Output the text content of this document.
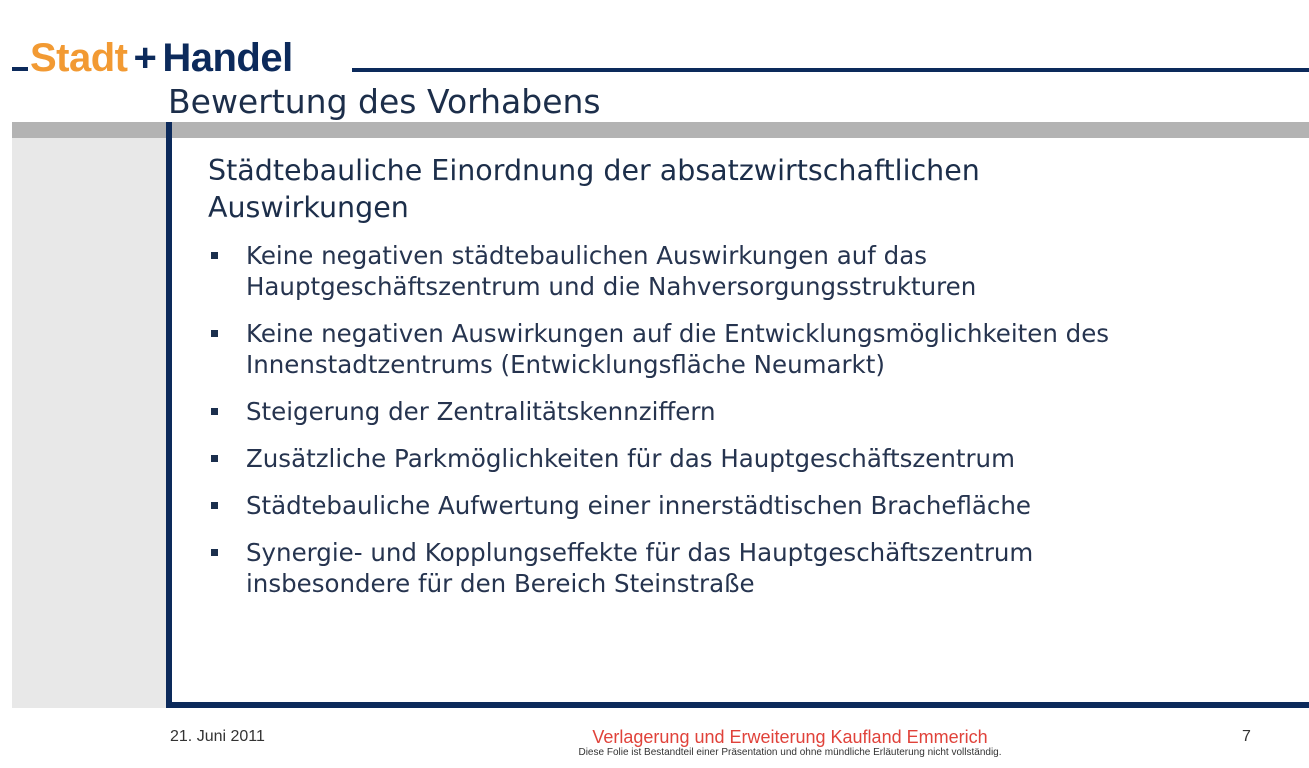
Stadt + Handel
Bewertung des Vorhabens
Städtebauliche Einordnung der absatzwirtschaftlichen
Auswirkungen
Keine negativen städtebaulichen Auswirkungen auf das
Hauptgeschäftszentrum und die Nahversorgungsstrukturen
Keine negativen Auswirkungen auf die Entwicklungsmöglichkeiten des
Innenstadtzentrums (Entwicklungsfläche Neumarkt)
Steigerung der Zentralitätskennziffern
Zusätzliche Parkmöglichkeiten für das Hauptgeschäftszentrum
Städtebauliche Aufwertung einer innerstädtischen Brachefläche
Synergie- und Kopplungseffekte für das Hauptgeschäftszentrum
insbesondere für den Bereich Steinstraße
21. Juni 2011	Verlagerung und Erweiterung Kaufland Emmerich
Diese Folie ist Bestandteil einer Präsentation und ohne mündliche Erläuterung nicht vollständig.
7
